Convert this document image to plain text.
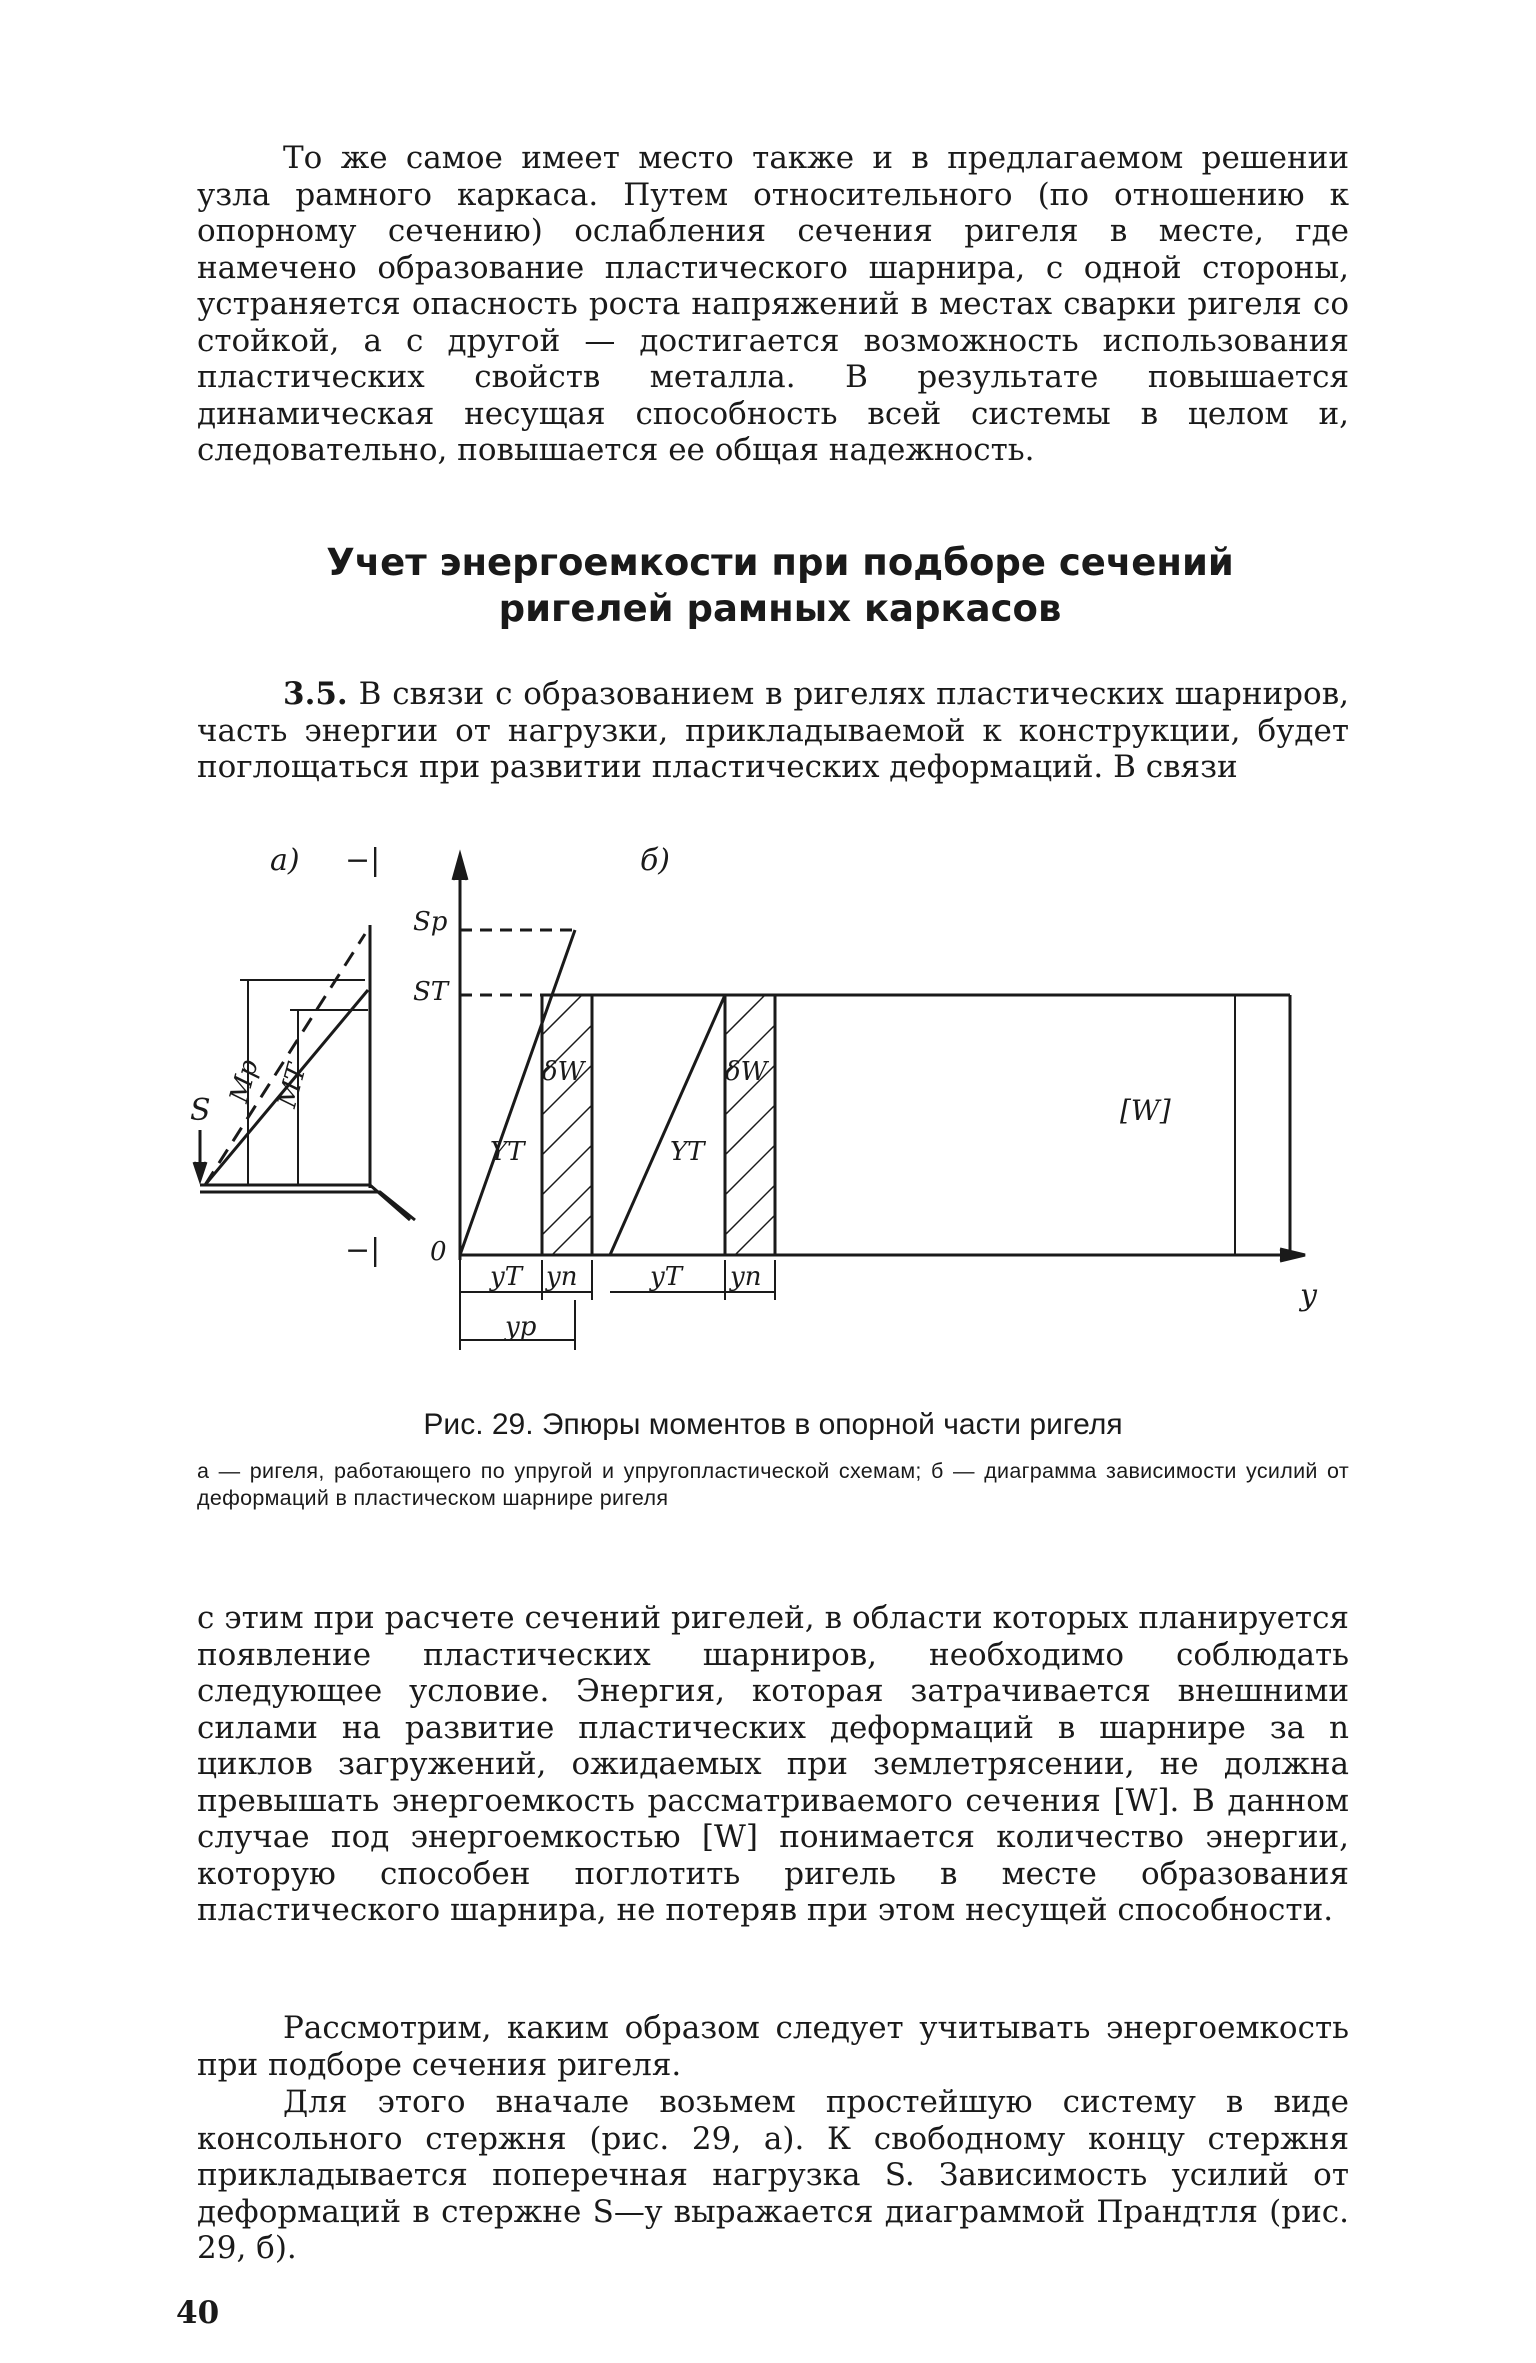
То же самое имеет место также и в предлагаемом решении узла рамного каркаса. Путем относительного (по отношению к опорному сечению) ослабления сечения ригеля в месте, где намечено образование пластического шарнира, с одной стороны, устраняется опасность роста напряжений в местах сварки ригеля со стойкой, а с другой — достигается возможность использования пластических свойств металла. В результате повышается динамическая несущая способность всей системы в целом и, следовательно, повышается ее общая надежность.

Учет энергоемкости при подборе сечений ригелей рамных каркасов

3.5. В связи с образованием в ригелях пластических шарниров, часть энергии от нагрузки, прикладываемой к конструкции, будет поглощаться при развитии пластических деформаций. В связи

а) −|
−|
S
Mp MT
б)
Sp
ST
0
y
δW	δW
YT	YT
[W]
yT yn	yT yn
yp

Рис. 29. Эпюры моментов в опорной части ригеля

а — ригеля, работающего по упругой и упругопластической схемам; б — диаграмма зависимости усилий от деформаций в пластическом шарнире ригеля

с этим при расчете сечений ригелей, в области которых планируется появление пластических шарниров, необходимо соблюдать следующее условие. Энергия, которая затрачивается внешними силами на развитие пластических деформаций в шарнире за n циклов загружений, ожидаемых при землетрясении, не должна превышать энергоемкость рассматриваемого сечения [W]. В данном случае под энергоемкостью [W] понимается количество энергии, которую способен поглотить ригель в месте образования пластического шарнира, не потеряв при этом несущей способности.

Рассмотрим, каким образом следует учитывать энергоемкость при подборе сечения ригеля.

Для этого вначале возьмем простейшую систему в виде консольного стержня (рис. 29, а). К свободному концу стержня прикладывается поперечная нагрузка S. Зависимость усилий от деформаций в стержне S—y выражается диаграммой Прандтля (рис. 29, б).

40
